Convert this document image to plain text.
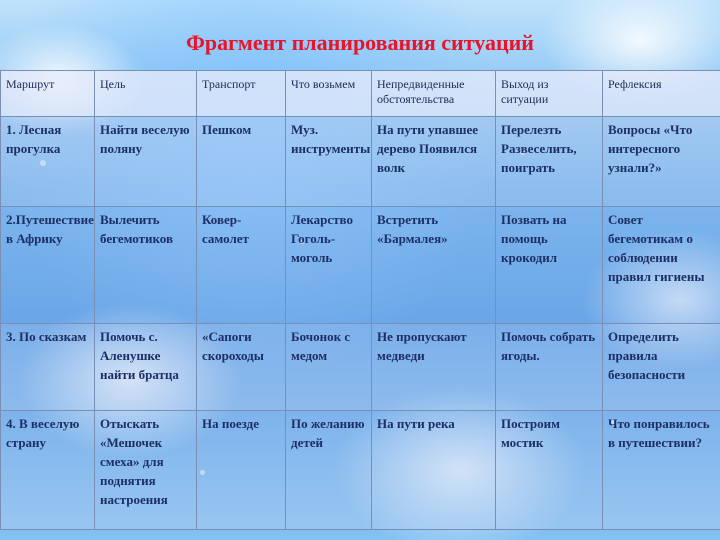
Фрагмент планирования ситуаций
Маршрут	Цель	Транспорт	Что возьмем	Непредвиденные обстоятельства	Выход из ситуации	Рефлексия
1. Лесная прогулка	Найти веселую поляну	Пешком	Муз. инструменты	На пути упавшее дерево Появился волк	Перелезть Развеселить, поиграть	Вопросы «Что интересного узнали?»
2.Путешествие в Африку	Вылечить бегемотиков	Ковер-самолет	Лекарство Гоголь-моголь	Встретить «Бармалея»	Позвать на помощь крокодил	Совет бегемотикам о соблюдении правил гигиены
3. По сказкам	Помочь с. Аленушке найти братца	«Сапоги скороходы	Бочонок с медом	Не пропускают медведи	Помочь собрать ягоды.	Определить правила безопасности
4. В веселую страну	Отыскать «Мешочек смеха» для поднятия настроения	На поезде	По желанию детей	На пути река	Построим мостик	Что понравилось в путешествии?
